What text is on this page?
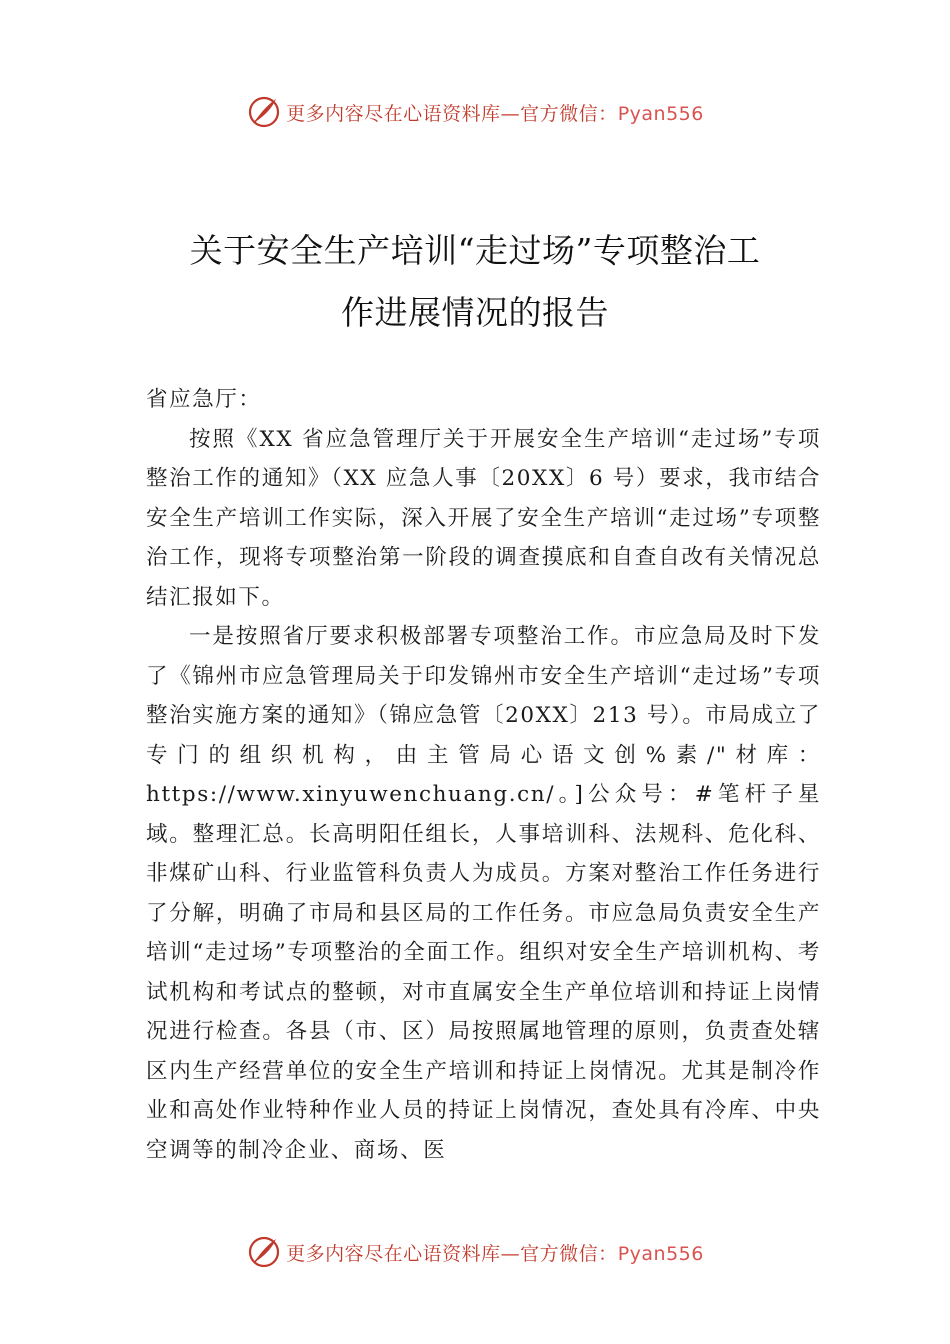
更多内容尽在心语资料库—官方微信：Pyan556
关于安全生产培训“走过场”专项整治工
作进展情况的报告

省应急厅：

按照《XX 省应急管理厅关于开展安全生产培训“走过场”专项整治工作的通知》（XX 应急人事〔20XX〕6 号）要求，我市结合安全生产培训工作实际，深入开展了安全生产培训“走过场”专项整治工作，现将专项整治第一阶段的调查摸底和自查自改有关情况总结汇报如下。

一是按照省厅要求积极部署专项整治工作。市应急局及时下发了《锦州市应急管理局关于印发锦州市安全生产培训“走过场”专项整治实施方案的通知》（锦应急管〔20XX〕213 号）。市局成立了专门的组织机构，由主管局心语文创%素/"材库：https://www.xinyuwenchuang.cn/。]公众号：#笔杆子星域。整理汇总。长高明阳任组长，人事培训科、法规科、危化科、非煤矿山科、行业监管科负责人为成员。方案对整治工作任务进行了分解，明确了市局和县区局的工作任务。市应急局负责安全生产培训“走过场”专项整治的全面工作。组织对安全生产培训机构、考试机构和考试点的整顿，对市直属安全生产单位培训和持证上岗情况进行检查。各县（市、区）局按照属地管理的原则，负责查处辖区内生产经营单位的安全生产培训和持证上岗情况。尤其是制冷作业和高处作业特种作业人员的持证上岗情况，查处具有冷库、中央空调等的制冷企业、商场、医

更多内容尽在心语资料库—官方微信：Pyan556
